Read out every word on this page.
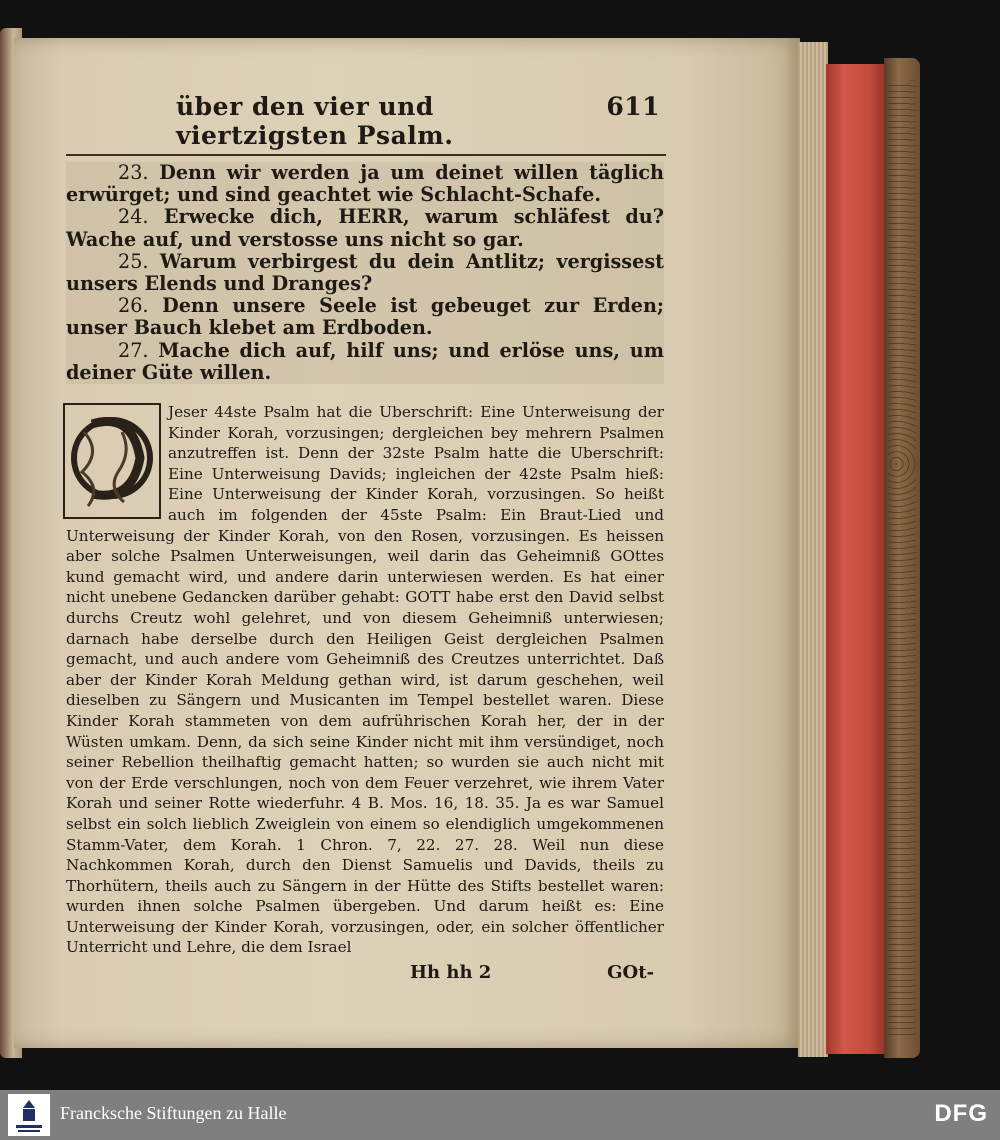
über den vier und viertzigsten Psalm.
611

23. Denn wir werden ja um deinet willen täglich erwürget; und sind geachtet wie Schlacht-Schafe.

24. Erwecke dich, HERR, warum schläfest du? Wache auf, und verstosse uns nicht so gar.

25. Warum verbirgest du dein Antlitz; vergissest unsers Elends und Dranges?

26. Denn unsere Seele ist gebeuget zur Erden; unser Bauch klebet am Erdboden.

27. Mache dich auf, hilf uns; und erlöse uns, um deiner Güte willen.

Jeser 44ste Psalm hat die Uberschrift: Eine Unterweisung der Kinder Korah, vorzusingen; dergleichen bey mehrern Psalmen anzutreffen ist. Denn der 32ste Psalm hatte die Uberschrift: Eine Unterweisung Davids; ingleichen der 42ste Psalm hieß: Eine Unterweisung der Kinder Korah, vorzusingen. So heißt auch im folgenden der 45ste Psalm: Ein Braut-Lied und Unterweisung der Kinder Korah, von den Rosen, vorzusingen. Es heissen aber solche Psalmen Unterweisungen, weil darin das Geheimniß GOttes kund gemacht wird, und andere darin unterwiesen werden. Es hat einer nicht unebene Gedancken darüber gehabt: GOTT habe erst den David selbst durchs Creutz wohl gelehret, und von diesem Geheimniß unterwiesen; darnach habe derselbe durch den Heiligen Geist dergleichen Psalmen gemacht, und auch andere vom Geheimniß des Creutzes unterrichtet. Daß aber der Kinder Korah Meldung gethan wird, ist darum geschehen, weil dieselben zu Sängern und Musicanten im Tempel bestellet waren. Diese Kinder Korah stammeten von dem aufrührischen Korah her, der in der Wüsten umkam. Denn, da sich seine Kinder nicht mit ihm versündiget, noch seiner Rebellion theilhaftig gemacht hatten; so wurden sie auch nicht mit von der Erde verschlungen, noch von dem Feuer verzehret, wie ihrem Vater Korah und seiner Rotte wiederfuhr. 4 B. Mos. 16, 18. 35. Ja es war Samuel selbst ein solch lieblich Zweiglein von einem so elendiglich umgekommenen Stamm-Vater, dem Korah. 1 Chron. 7, 22. 27. 28. Weil nun diese Nachkommen Korah, durch den Dienst Samuelis und Davids, theils zu Thorhütern, theils auch zu Sängern in der Hütte des Stifts bestellet waren: wurden ihnen solche Psalmen übergeben. Und darum heißt es: Eine Unterweisung der Kinder Korah, vorzusingen, oder, ein solcher öffentlicher Unterricht und Lehre, die dem Israel

Hh hh 2	GOt-
Francksche Stiftungen zu Halle	DFG
